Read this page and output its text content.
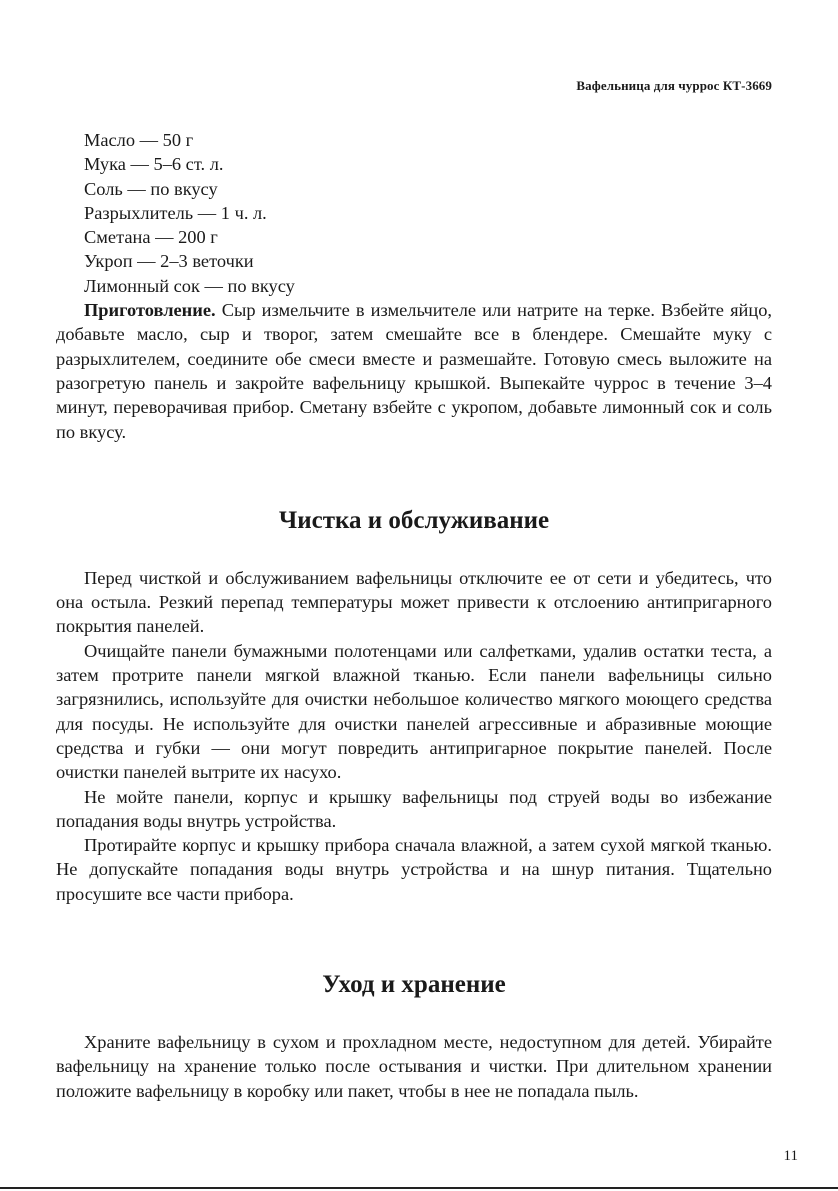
Вафельница для чуррос КТ-3669
Масло — 50 г
Мука — 5–6 ст. л.
Соль — по вкусу
Разрыхлитель — 1 ч. л.
Сметана — 200 г
Укроп — 2–3 веточки
Лимонный сок — по вкусу

Приготовление. Сыр измельчите в измельчителе или натрите на терке. Взбейте яйцо, добавьте масло, сыр и творог, затем смешайте все в блендере. Смешайте муку с разрыхлителем, соедините обе смеси вместе и размешайте. Готовую смесь выложите на разогретую панель и закройте вафельницу крышкой. Выпекайте чуррос в течение 3–4 минут, переворачивая прибор. Сметану взбейте с укропом, добавьте лимонный сок и соль по вкусу.

Чистка и обслуживание

Перед чисткой и обслуживанием вафельницы отключите ее от сети и убедитесь, что она остыла. Резкий перепад температуры может привести к отслоению антипригарного покрытия панелей.

Очищайте панели бумажными полотенцами или салфетками, удалив остатки теста, а затем протрите панели мягкой влажной тканью. Если панели вафельницы сильно загрязнились, используйте для очистки небольшое количество мягкого моющего средства для посуды. Не используйте для очистки панелей агрессивные и абразивные моющие средства и губки — они могут повредить антипригарное покрытие панелей. После очистки панелей вытрите их насухо.

Не мойте панели, корпус и крышку вафельницы под струей воды во избежание попадания воды внутрь устройства.

Протирайте корпус и крышку прибора сначала влажной, а затем сухой мягкой тканью. Не допускайте попадания воды внутрь устройства и на шнур питания. Тщательно просушите все части прибора.

Уход и хранение

Храните вафельницу в сухом и прохладном месте, недоступном для детей. Убирайте вафельницу на хранение только после остывания и чистки. При длительном хранении положите вафельницу в коробку или пакет, чтобы в нее не попадала пыль.

11
